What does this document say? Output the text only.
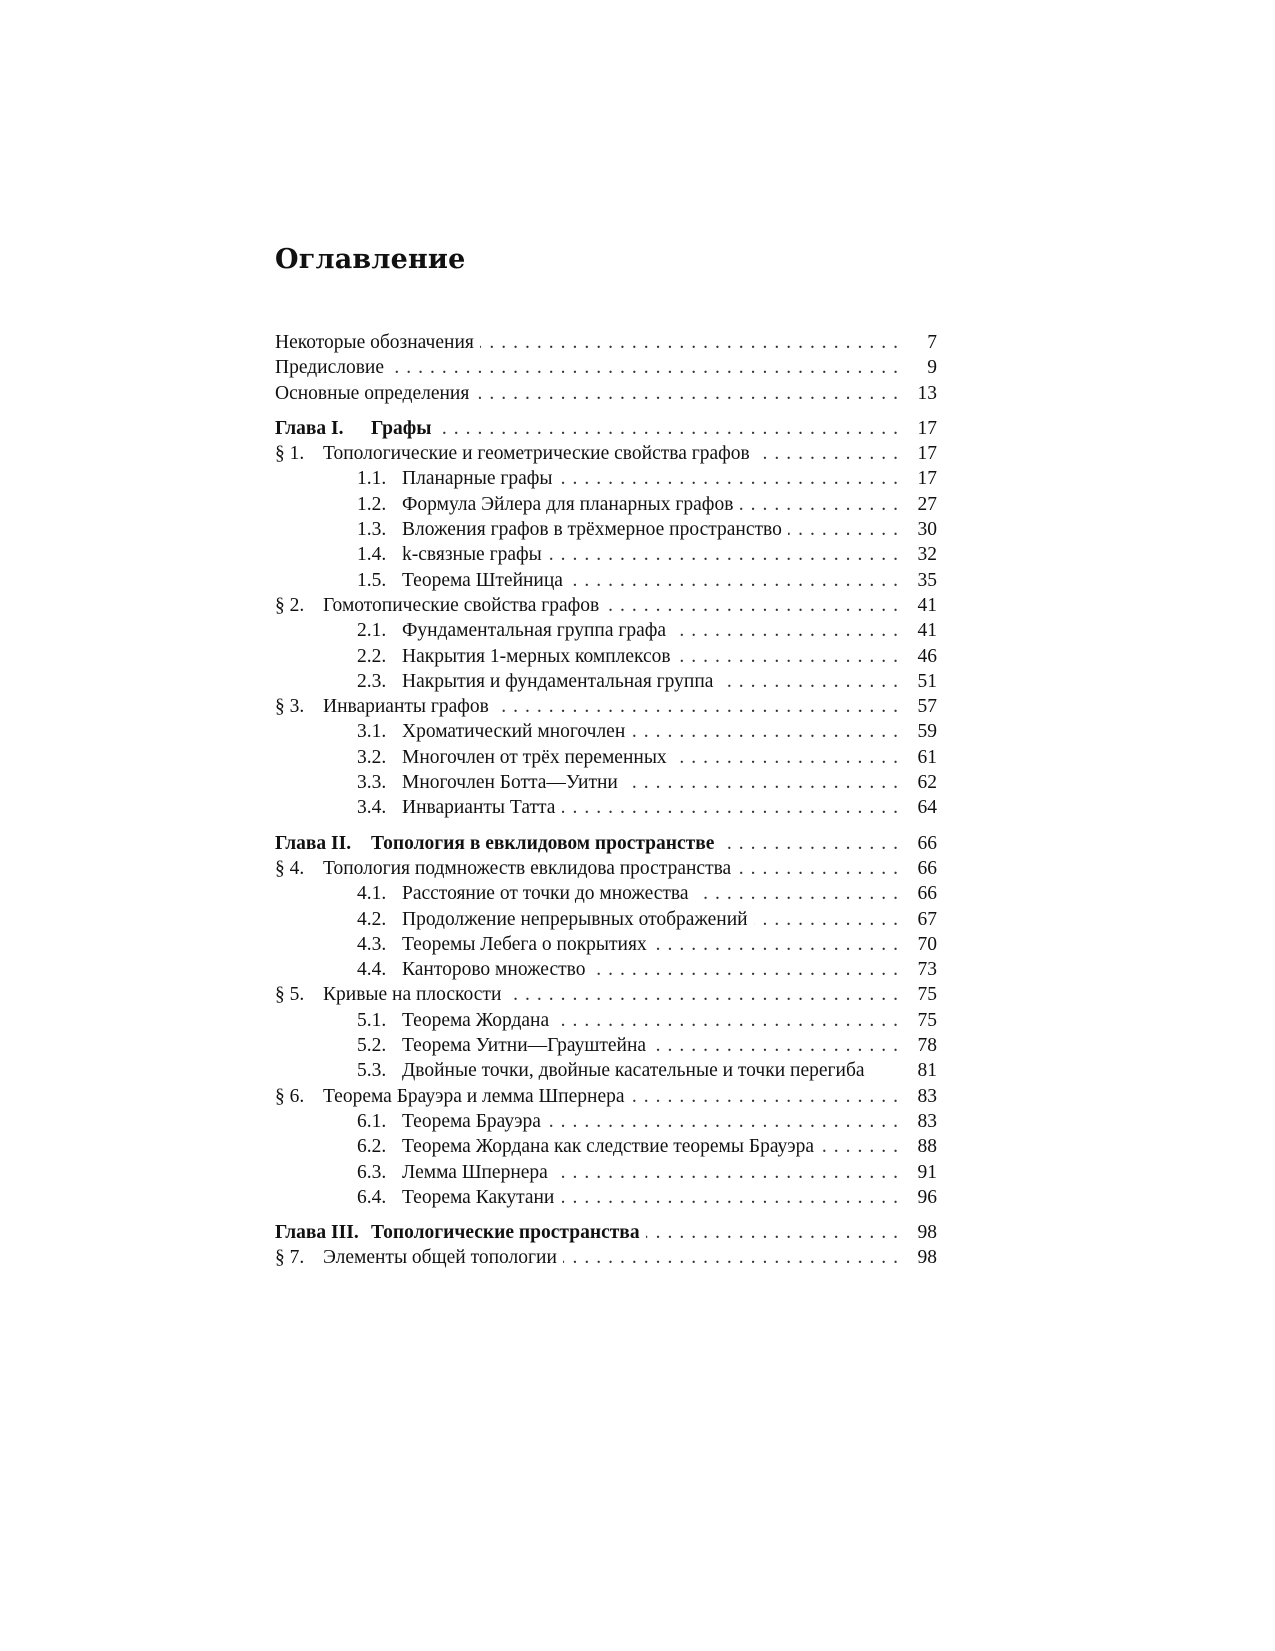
Оглавление
Некоторые обозначения .....	7
Предисловие .....	9
Основные определения .....	13
Глава I.	Графы .....	17
§ 1. Топологические и геометрические свойства графов .....	17
1.1. Планарные графы .....	17
1.2. Формула Эйлера для планарных графов .....	27
1.3. Вложения графов в трёхмерное пространство .....	30
1.4. k-связные графы .....	32
1.5. Теорема Штейница .....	35
§ 2. Гомотопические свойства графов .....	41
2.1. Фундаментальная группа графа .....	41
2.2. Накрытия 1-мерных комплексов .....	46
2.3. Накрытия и фундаментальная группа .....	51
§ 3. Инварианты графов .....	57
3.1. Хроматический многочлен .....	59
3.2. Многочлен от трёх переменных .....	61
3.3. Многочлен Ботта—Уитни .....	62
3.4. Инварианты Татта .....	64
Глава II.	Топология в евклидовом пространстве .....	66
§ 4. Топология подмножеств евклидова пространства .....	66
4.1. Расстояние от точки до множества .....	66
4.2. Продолжение непрерывных отображений .....	67
4.3. Теоремы Лебега о покрытиях .....	70
4.4. Канторово множество .....	73
§ 5. Кривые на плоскости .....	75
5.1. Теорема Жордана .....	75
5.2. Теорема Уитни—Грауштейна .....	78
5.3. Двойные точки, двойные касательные и точки перегиба	81
§ 6. Теорема Брауэра и лемма Шпернера .....	83
6.1. Теорема Брауэра .....	83
6.2. Теорема Жордана как следствие теоремы Брауэра .....	88
6.3. Лемма Шпернера .....	91
6.4. Теорема Какутани .....	96
Глава III. Топологические пространства .....	98
§ 7. Элементы общей топологии .....	98
